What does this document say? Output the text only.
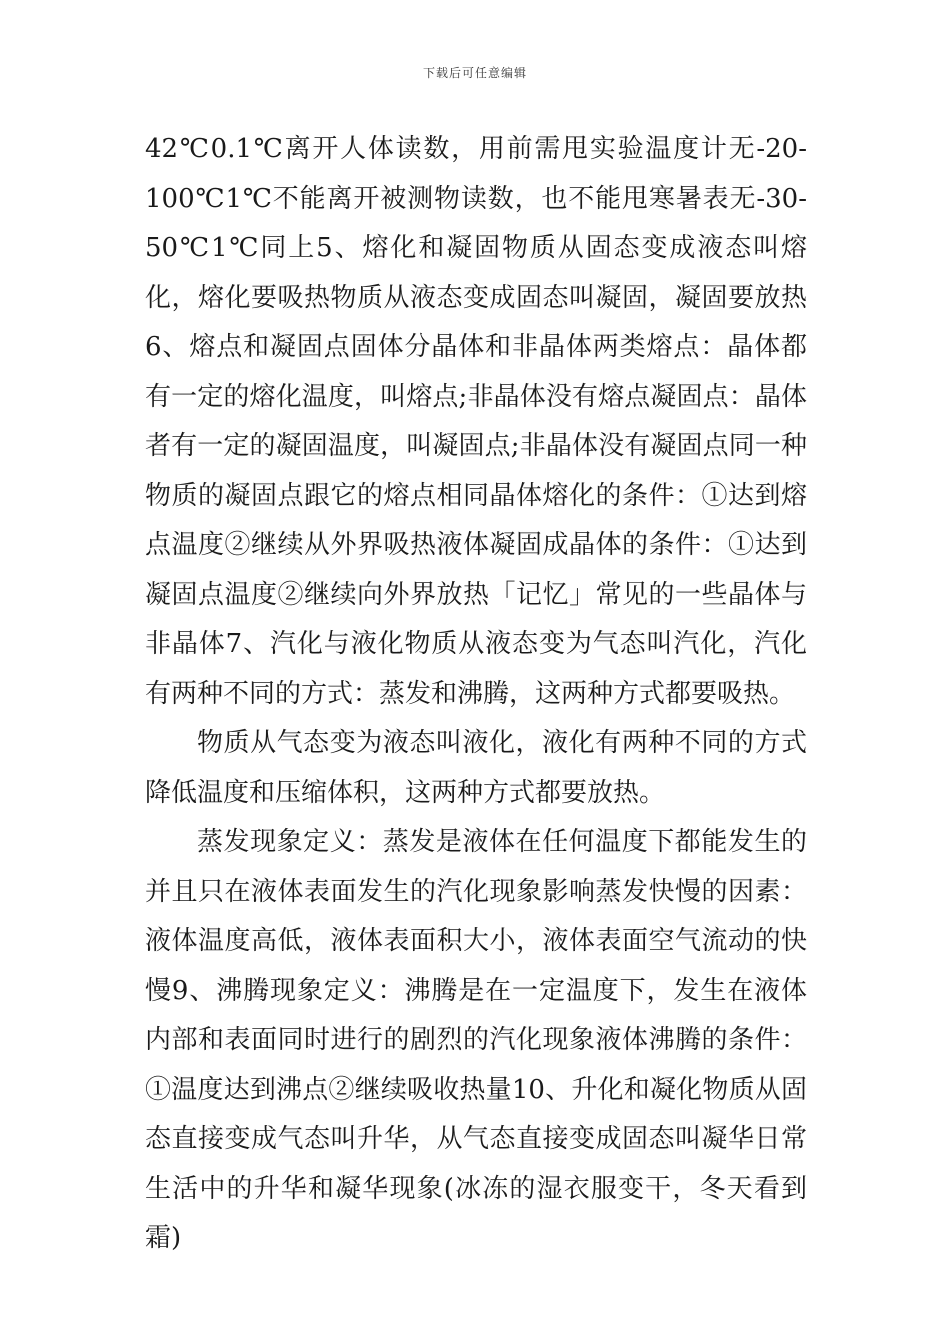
下载后可任意编辑

42℃0.1℃离开人体读数，用前需甩实验温度计无-20-100℃1℃不能离开被测物读数，也不能甩寒暑表无-30-50℃1℃同上5、熔化和凝固物质从固态变成液态叫熔化，熔化要吸热物质从液态变成固态叫凝固，凝固要放热6、熔点和凝固点固体分晶体和非晶体两类熔点：晶体都有一定的熔化温度，叫熔点;非晶体没有熔点凝固点：晶体者有一定的凝固温度，叫凝固点;非晶体没有凝固点同一种物质的凝固点跟它的熔点相同晶体熔化的条件：①达到熔点温度②继续从外界吸热液体凝固成晶体的条件：①达到凝固点温度②继续向外界放热「记忆」常见的一些晶体与非晶体7、汽化与液化物质从液态变为气态叫汽化，汽化有两种不同的方式：蒸发和沸腾，这两种方式都要吸热。

物质从气态变为液态叫液化，液化有两种不同的方式降低温度和压缩体积，这两种方式都要放热。

蒸发现象定义：蒸发是液体在任何温度下都能发生的并且只在液体表面发生的汽化现象影响蒸发快慢的因素：液体温度高低，液体表面积大小，液体表面空气流动的快慢9、沸腾现象定义：沸腾是在一定温度下，发生在液体内部和表面同时进行的剧烈的汽化现象液体沸腾的条件：①温度达到沸点②继续吸收热量10、升化和凝化物质从固态直接变成气态叫升华，从气态直接变成固态叫凝华日常生活中的升华和凝华现象(冰冻的湿衣服变干，冬天看到霜)
